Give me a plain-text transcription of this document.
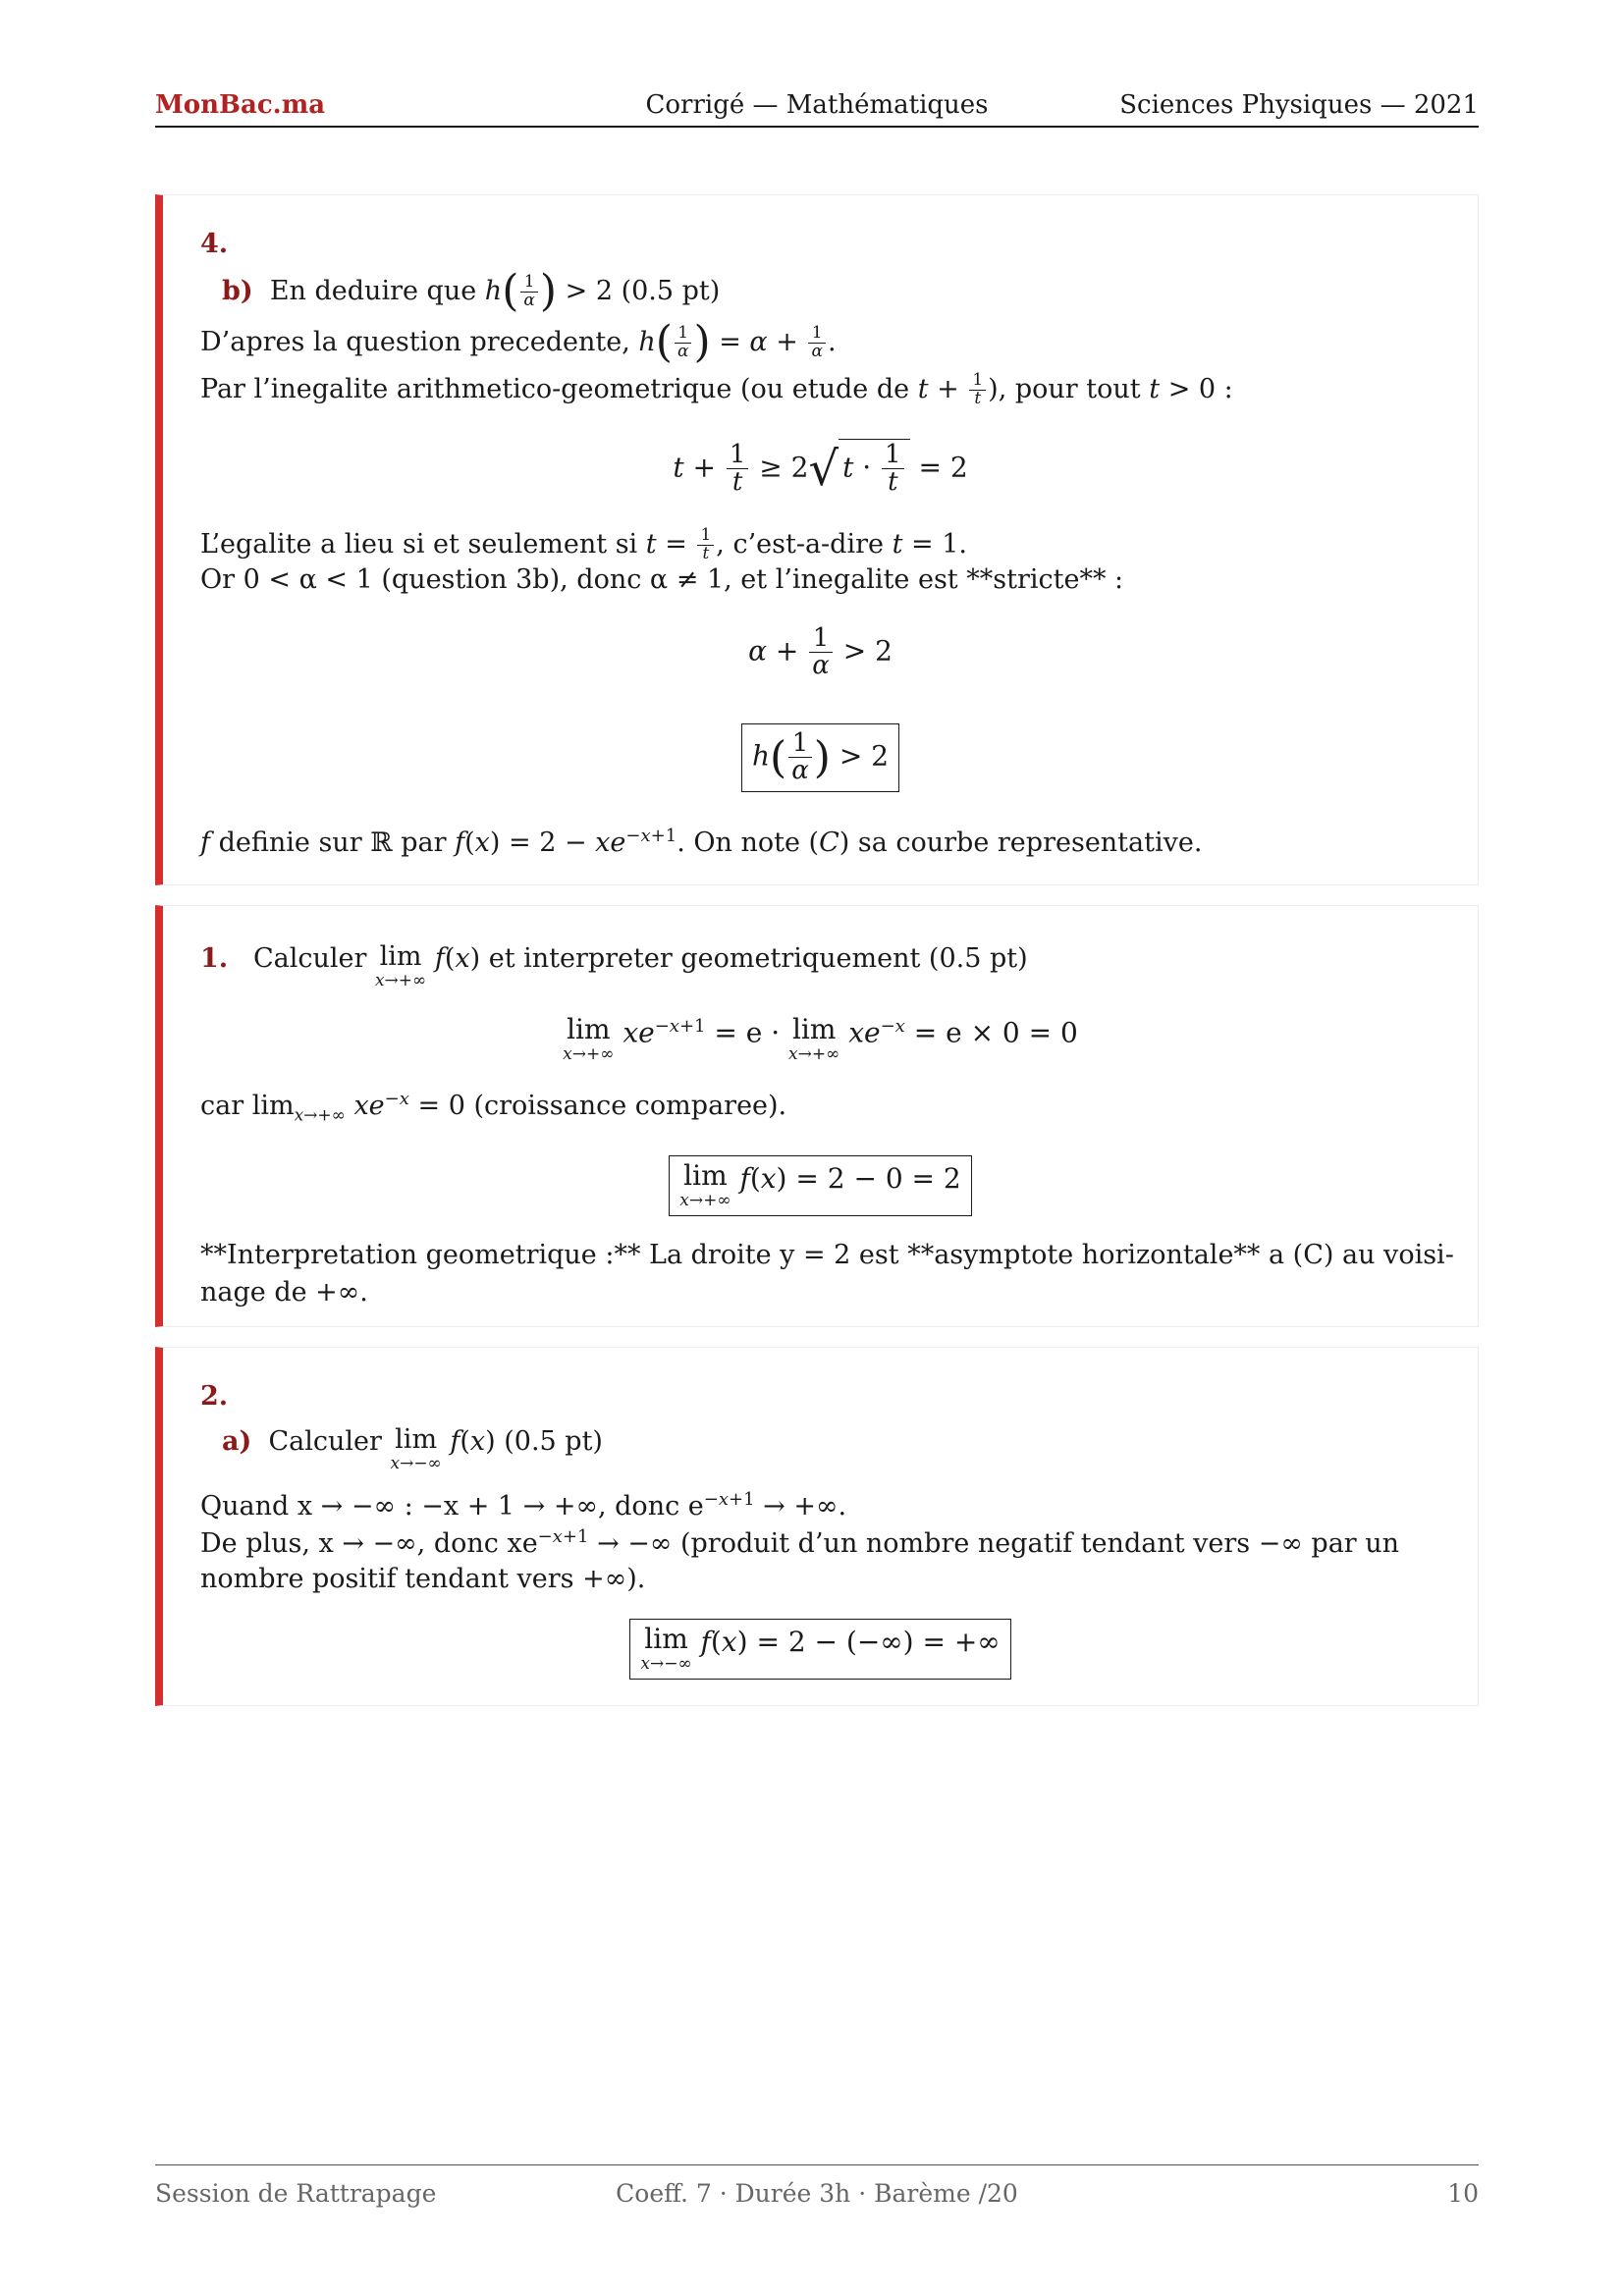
Corrigé — Mathématiques
MonBac.ma	Sciences Physiques — 2021
4.
b) En deduire que $h( \frac{1}{\alpha}$ ) > 2 (0.5 pt)
D’apres la question precedente, $h( \frac{1}{\alpha}$ ) = $\alpha + \frac{1}{\alpha}$ .
Par l’inegalite arithmetico-geometrique (ou etude de $t + \frac{1}{t}$ ), pour tout t > 0 :
$t + \frac{1}{t} \ge 2√$ $t \cdot \frac{1}{t} = 2$
L’egalite a lieu si et seulement si $t = \frac{1}{t}$ , c’est-a-dire t = 1.
Or 0 < α < 1 (question 3b), donc α ≠ 1, et l’inegalite est **stricte** :
$\alpha + \frac{1}{\alpha} > 2$
$h( \frac{1}{\alpha}$ ) > 2
f definie sur ℝ par $f(x) = 2 - xe^{-x+1}$. On note (C) sa courbe representative.
1. Calculer lim
x→+∞
f(x) et interpreter geometriquement (0.5 pt)
lim
x→+∞
$xe^{-x+1} = e \cdot \lim$
x→+∞
$xe^{-x} = e \times 0 = 0$
car $\lim_{x\to+\infty} xe^{-x} = 0$ (croissance comparee).
lim
x→+∞
f(x) = 2 − 0 = 2
**Interpretation geometrique :** La droite y = 2 est **asymptote horizontale** a (C) au voisi-
nage de +∞.
2.
a) Calculer lim
x→−∞
f(x) (0.5 pt)
Quand x → −∞ : −x + 1 → +∞, donc $e^{-x+1}$ → +∞.
De plus, x → −∞, donc $xe^{-x+1}$ → −∞ (produit d’un nombre negatif tendant vers −∞ par un
nombre positif tendant vers +∞).
lim
x→−∞
f(x) = 2 − (−∞) = +∞
Coeff. 7 · Durée 3h · Barème /20
Session de Rattrapage	10
